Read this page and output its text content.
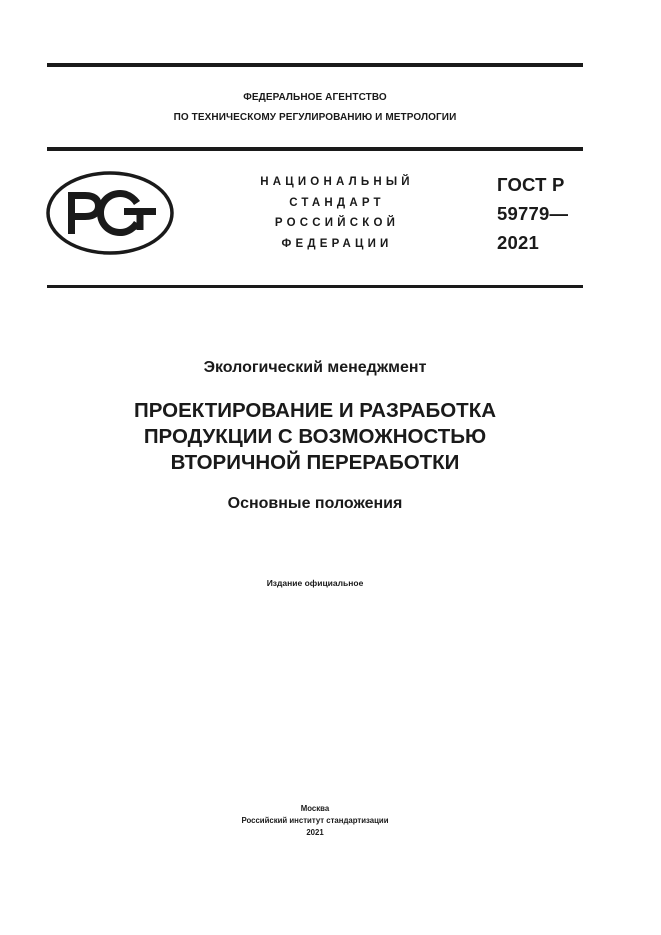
ФЕДЕРАЛЬНОЕ АГЕНТСТВО
ПО ТЕХНИЧЕСКОМУ РЕГУЛИРОВАНИЮ И МЕТРОЛОГИИ
НАЦИОНАЛЬНЫЙ
СТАНДАРТ
РОССИЙСКОЙ
ФЕДЕРАЦИИ
ГОСТ Р
59779—
2021
Экологический менеджмент
ПРОЕКТИРОВАНИЕ И РАЗРАБОТКА
ПРОДУКЦИИ С ВОЗМОЖНОСТЬЮ
ВТОРИЧНОЙ ПЕРЕРАБОТКИ
Основные положения
Издание официальное
Москва
Российский институт стандартизации
2021
